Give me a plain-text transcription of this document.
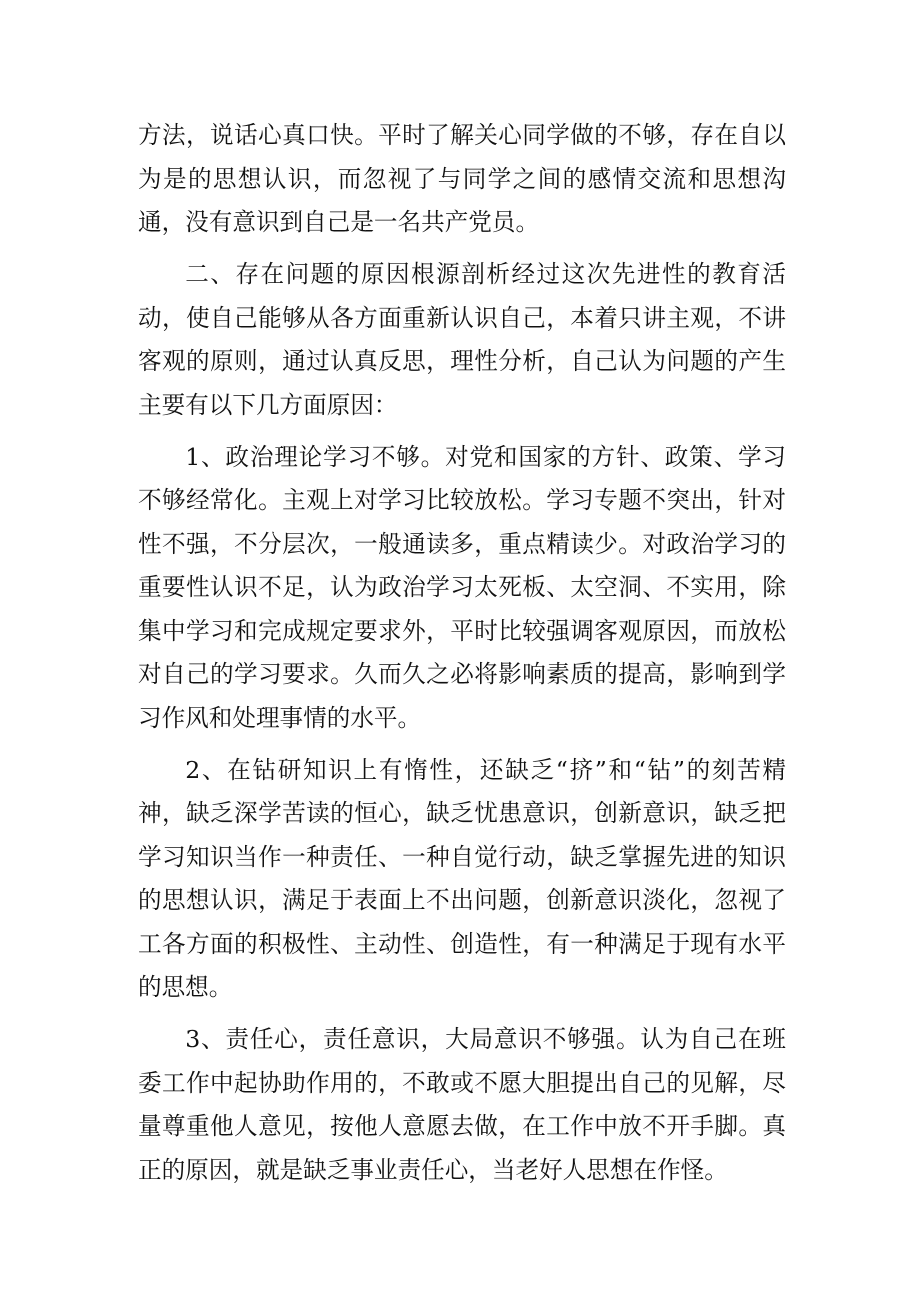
方法，说话心真口快。平时了解关心同学做的不够，存在自以为是的思想认识，而忽视了与同学之间的感情交流和思想沟通，没有意识到自己是一名共产党员。

二、存在问题的原因根源剖析经过这次先进性的教育活动，使自己能够从各方面重新认识自己，本着只讲主观，不讲客观的原则，通过认真反思，理性分析，自己认为问题的产生主要有以下几方面原因：

1、政治理论学习不够。对党和国家的方针、政策、学习不够经常化。主观上对学习比较放松。学习专题不突出，针对性不强，不分层次，一般通读多，重点精读少。对政治学习的重要性认识不足，认为政治学习太死板、太空洞、不实用，除集中学习和完成规定要求外，平时比较强调客观原因，而放松对自己的学习要求。久而久之必将影响素质的提高，影响到学习作风和处理事情的水平。

2、在钻研知识上有惰性，还缺乏“挤”和“钻”的刻苦精神，缺乏深学苦读的恒心，缺乏忧患意识，创新意识，缺乏把学习知识当作一种责任、一种自觉行动，缺乏掌握先进的知识的思想认识，满足于表面上不出问题，创新意识淡化，忽视了工各方面的积极性、主动性、创造性，有一种满足于现有水平的思想。

3、责任心，责任意识，大局意识不够强。认为自己在班委工作中起协助作用的，不敢或不愿大胆提出自己的见解，尽量尊重他人意见，按他人意愿去做，在工作中放不开手脚。真正的原因，就是缺乏事业责任心，当老好人思想在作怪。
